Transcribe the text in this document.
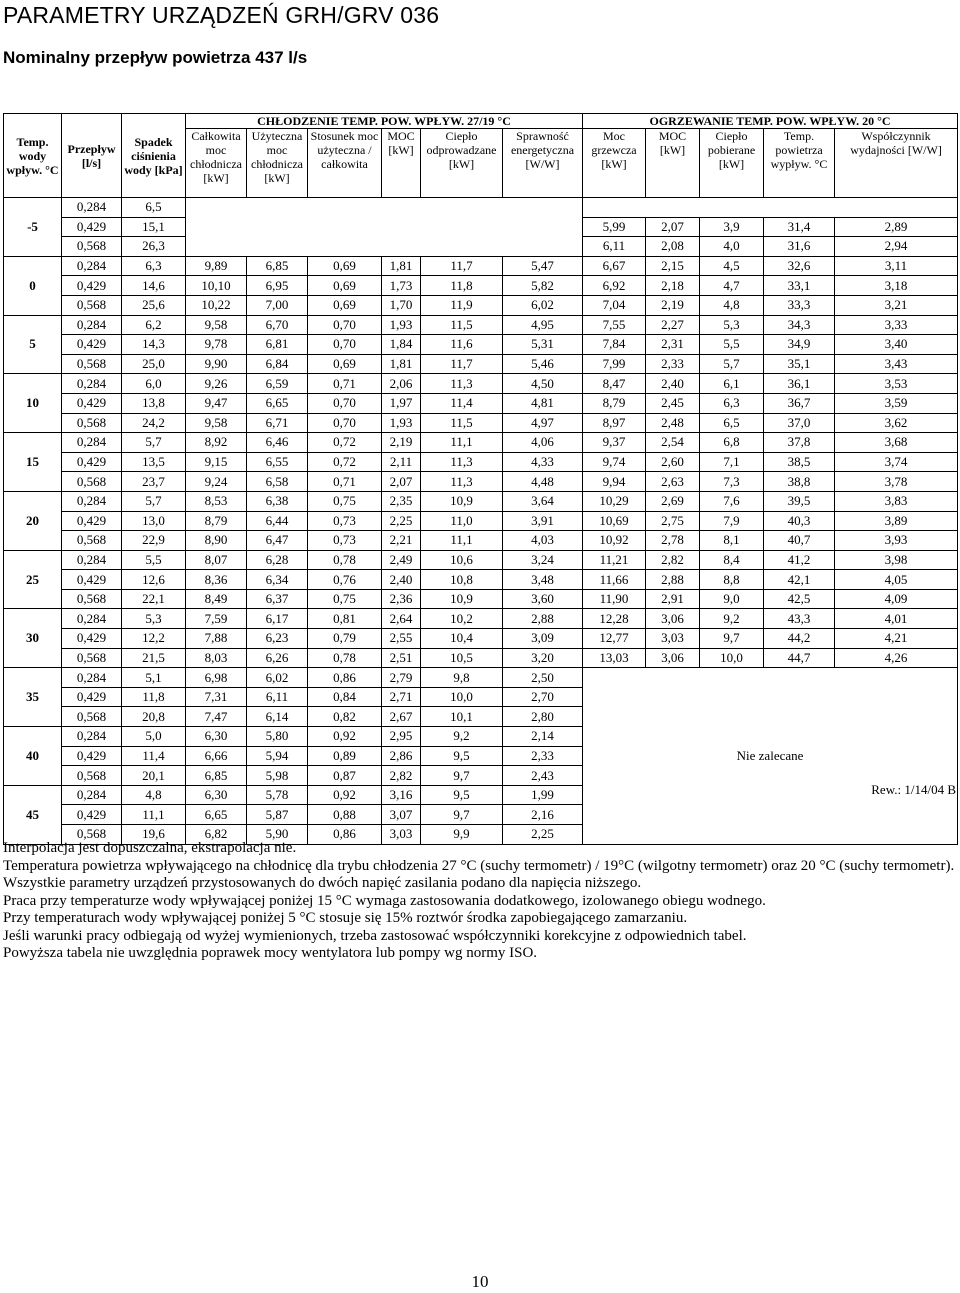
PARAMETRY URZĄDZEŃ GRH/GRV 036
Nominalny przepływ powietrza 437 l/s
Temp. wody wpływ. °C	Przepływ [l/s]	Spadek ciśnienia wody [kPa]	CHŁODZENIE TEMP. POW. WPŁYW. 27/19 °C						OGRZEWANIE TEMP. POW. WPŁYW. 20 °C				
			Całkowita moc chłodnicza [kW]	Użyteczna moc chłodnicza [kW]	Stosunek moc użyteczna / całkowita	MOC [kW]	Ciepło odprowadzane [kW]	Sprawność energetyczna [W/W]	Moc grzewcza [kW]	MOC [kW]	Ciepło pobierane [kW]	Temp. powietrza wypływ. °C	Współczynnik wydajności [W/W]
-5	0,284	6,5											
	0,429	15,1							5,99	2,07	3,9	31,4	2,89
	0,568	26,3							6,11	2,08	4,0	31,6	2,94
0	0,284	6,3	9,89	6,85	0,69	1,81	11,7	5,47	6,67	2,15	4,5	32,6	3,11
	0,429	14,6	10,10	6,95	0,69	1,73	11,8	5,82	6,92	2,18	4,7	33,1	3,18
	0,568	25,6	10,22	7,00	0,69	1,70	11,9	6,02	7,04	2,19	4,8	33,3	3,21
5	0,284	6,2	9,58	6,70	0,70	1,93	11,5	4,95	7,55	2,27	5,3	34,3	3,33
	0,429	14,3	9,78	6,81	0,70	1,84	11,6	5,31	7,84	2,31	5,5	34,9	3,40
	0,568	25,0	9,90	6,84	0,69	1,81	11,7	5,46	7,99	2,33	5,7	35,1	3,43
10	0,284	6,0	9,26	6,59	0,71	2,06	11,3	4,50	8,47	2,40	6,1	36,1	3,53
	0,429	13,8	9,47	6,65	0,70	1,97	11,4	4,81	8,79	2,45	6,3	36,7	3,59
	0,568	24,2	9,58	6,71	0,70	1,93	11,5	4,97	8,97	2,48	6,5	37,0	3,62
15	0,284	5,7	8,92	6,46	0,72	2,19	11,1	4,06	9,37	2,54	6,8	37,8	3,68
	0,429	13,5	9,15	6,55	0,72	2,11	11,3	4,33	9,74	2,60	7,1	38,5	3,74
	0,568	23,7	9,24	6,58	0,71	2,07	11,3	4,48	9,94	2,63	7,3	38,8	3,78
20	0,284	5,7	8,53	6,38	0,75	2,35	10,9	3,64	10,29	2,69	7,6	39,5	3,83
	0,429	13,0	8,79	6,44	0,73	2,25	11,0	3,91	10,69	2,75	7,9	40,3	3,89
	0,568	22,9	8,90	6,47	0,73	2,21	11,1	4,03	10,92	2,78	8,1	40,7	3,93
25	0,284	5,5	8,07	6,28	0,78	2,49	10,6	3,24	11,21	2,82	8,4	41,2	3,98
	0,429	12,6	8,36	6,34	0,76	2,40	10,8	3,48	11,66	2,88	8,8	42,1	4,05
	0,568	22,1	8,49	6,37	0,75	2,36	10,9	3,60	11,90	2,91	9,0	42,5	4,09
30	0,284	5,3	7,59	6,17	0,81	2,64	10,2	2,88	12,28	3,06	9,2	43,3	4,01
	0,429	12,2	7,88	6,23	0,79	2,55	10,4	3,09	12,77	3,03	9,7	44,2	4,21
	0,568	21,5	8,03	6,26	0,78	2,51	10,5	3,20	13,03	3,06	10,0	44,7	4,26
35	0,284	5,1	6,98	6,02	0,86	2,79	9,8	2,50	Nie zalecane				
	0,429	11,8	7,31	6,11	0,84	2,71	10,0	2,70					
	0,568	20,8	7,47	6,14	0,82	2,67	10,1	2,80					
40	0,284	5,0	6,30	5,80	0,92	2,95	9,2	2,14					
	0,429	11,4	6,66	5,94	0,89	2,86	9,5	2,33					
	0,568	20,1	6,85	5,98	0,87	2,82	9,7	2,43					
45	0,284	4,8	6,30	5,78	0,92	3,16	9,5	1,99					
	0,429	11,1	6,65	5,87	0,88	3,07	9,7	2,16					
	0,568	19,6	6,82	5,90	0,86	3,03	9,9	2,25					
Rew.: 1/14/04 B

Interpolacja jest dopuszczalna, ekstrapolacja nie.

Temperatura powietrza wpływającego na chłodnicę dla trybu chłodzenia 27 °C (suchy termometr) / 19°C (wilgotny termometr) oraz 20 °C (suchy termometr).

Wszystkie parametry urządzeń przystosowanych do dwóch napięć zasilania podano dla napięcia niższego.

Praca przy temperaturze wody wpływającej poniżej 15 °C wymaga zastosowania dodatkowego, izolowanego obiegu wodnego.

Przy temperaturach wody wpływającej poniżej 5 °C stosuje się 15% roztwór środka zapobiegającego zamarzaniu.

Jeśli warunki pracy odbiegają od wyżej wymienionych, trzeba zastosować współczynniki korekcyjne z odpowiednich tabel.

Powyższa tabela nie uwzględnia poprawek mocy wentylatora lub pompy wg normy ISO.

10
